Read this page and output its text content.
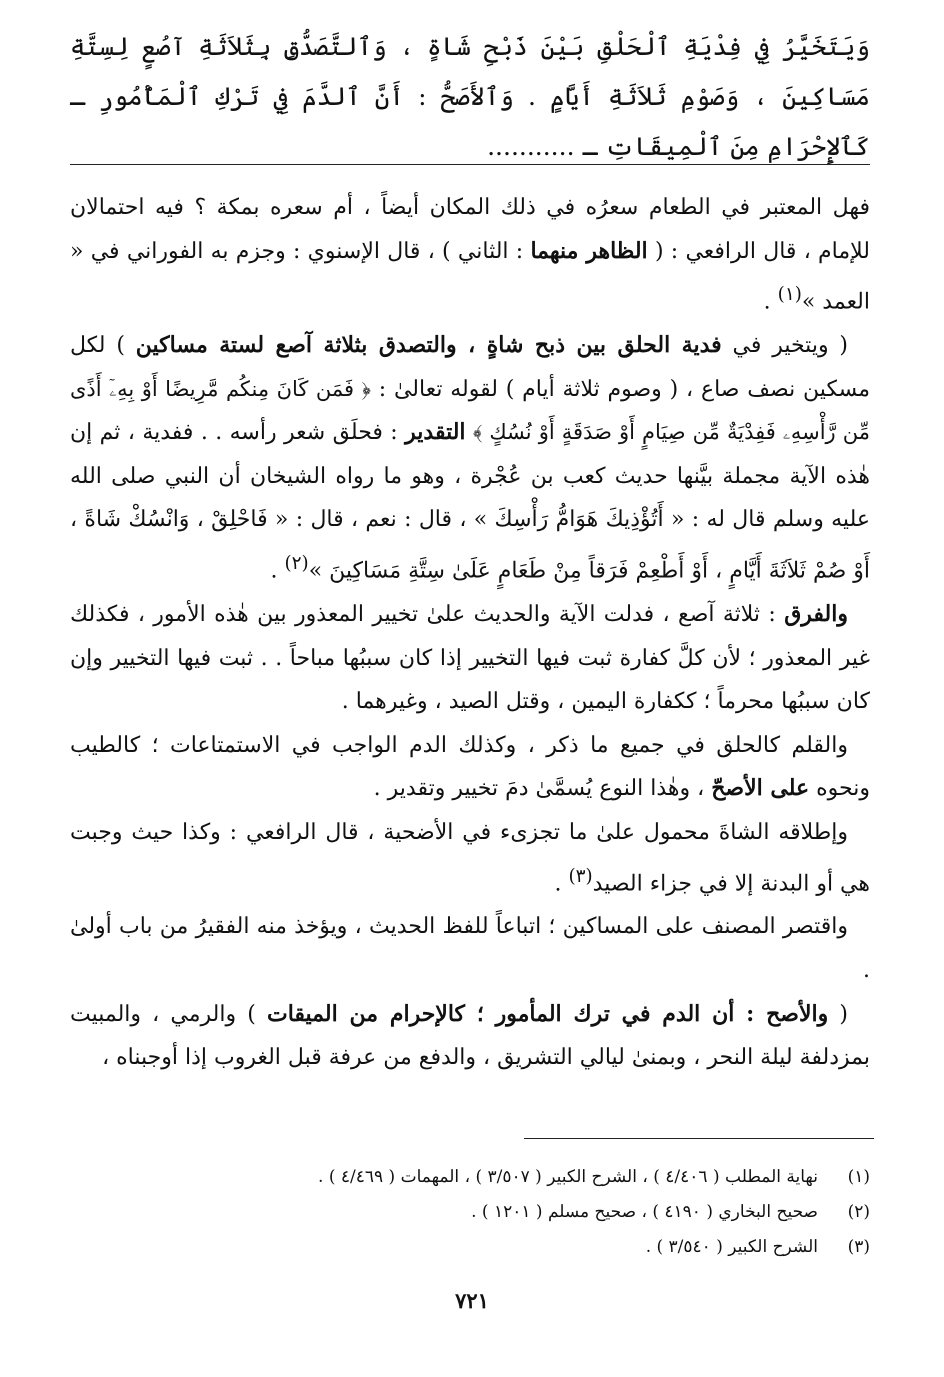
وَيَتَخَيَّرُ فِي فِدْيَةِ ٱلْحَلْقِ بَيْنَ ذَبْحِ شَاةٍ ، وَٱلتَّصَدُّقِ بِثَلاَثَةِ آصُعٍ لِسِتَّةِ مَسَاكِينَ ، وَصَوْمِ ثَلاَثَةِ أَيَّامٍ . وَٱلأَصَحُّ : أَنَّ ٱلدَّمَ فِي تَرْكِ ٱلْمَأْمُورِ ـ كَٱلإِحْرَامِ مِنَ ٱلْمِيقَاتِ ـ ...........

فهل المعتبر في الطعام سعرُه في ذلك المكان أيضاً ، أم سعره بمكة ؟ فيه احتمالان للإمام ، قال الرافعي : ( الظاهر منهما : الثاني ) ، قال الإسنوي : وجزم به الفوراني في « العمد »$^{(١)}$ .

( ويتخير في فدية الحلق بين ذبح شاةٍ ، والتصدق بثلاثة آصع لستة مساكين ) لكل مسكين نصف صاع ، ( وصوم ثلاثة أيام ) لقوله تعالىٰ : ﴿ فَمَن كَانَ مِنكُم مَّرِيضًا أَوْ بِهِۦٓ أَذًى مِّن رَّأْسِهِۦ فَفِدْيَةٌ مِّن صِيَامٍ أَوْ صَدَقَةٍ أَوْ نُسُكٍ ﴾ التقدير : فحلَق شعر رأسه . . ففدية ، ثم إن هٰذه الآية مجملة بيَّنها حديث كعب بن عُجْرة ، وهو ما رواه الشيخان أن النبي صلى الله عليه وسلم قال له : « أَتُؤْذِيكَ هَوَامُّ رَأْسِكَ » ، قال : نعم ، قال : « فَاحْلِقْ ، وَانْسُكْ شَاةً ، أَوْ صُمْ ثَلاَثَةَ أَيَّامٍ ، أَوْ أَطْعِمْ فَرَقاً مِنْ طَعَامٍ عَلَىٰ سِتَّةِ مَسَاكِينَ »$^{(٢)}$ .

والفرق : ثلاثة آصع ، فدلت الآية والحديث علىٰ تخيير المعذور بين هٰذه الأمور ، فكذلك غير المعذور ؛ لأن كلَّ كفارة ثبت فيها التخيير إذا كان سببُها مباحاً . . ثبت فيها التخيير وإن كان سببُها محرماً ؛ ككفارة اليمين ، وقتل الصيد ، وغيرهما .

والقلم كالحلق في جميع ما ذكر ، وكذلك الدم الواجب في الاستمتاعات ؛ كالطيب ونحوه على الأصحّ ، وهٰذا النوع يُسمَّىٰ دمَ تخيير وتقدير .

وإطلاقه الشاةَ محمول علىٰ ما تجزىء في الأضحية ، قال الرافعي : وكذا حيث وجبت هي أو البدنة إلا في جزاء الصيد$^{(٣)}$ .

واقتصر المصنف على المساكين ؛ اتباعاً للفظ الحديث ، ويؤخذ منه الفقيرُ من باب أولىٰ .

( والأصح : أن الدم في ترك المأمور ؛ كالإحرام من الميقات ) والرمي ، والمبيت بمزدلفة ليلة النحر ، وبمنىٰ ليالي التشريق ، والدفع من عرفة قبل الغروب إذا أوجبناه ،

(١)
نهاية المطلب ( ٤/٤٠٦ ) ، الشرح الكبير ( ٣/٥٠٧ ) ، المهمات ( ٤/٤٦٩ ) .
(٢)
صحيح البخاري ( ٤١٩٠ ) ، صحيح مسلم ( ١٢٠١ ) .
(٣)
الشرح الكبير ( ٣/٥٤٠ ) .
٧٢١
